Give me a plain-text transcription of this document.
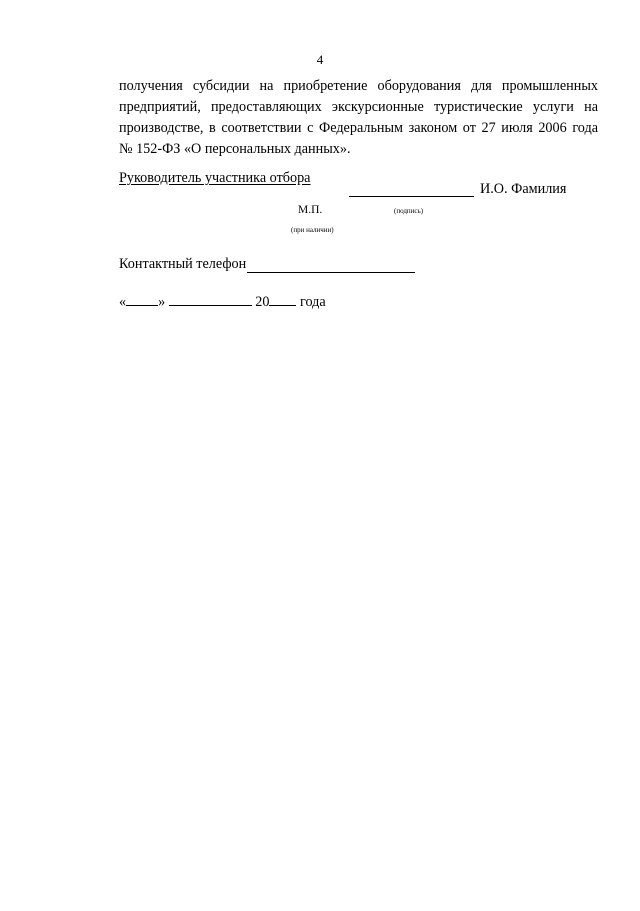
4
получения субсидии на приобретение оборудования для промышленных
предприятий, предоставляющих экскурсионные туристические услуги на
производстве, в соответствии с Федеральным законом от 27 июля 2006 года
№ 152-ФЗ «О персональных данных».
Руководитель участника отбора
И.О. Фамилия
М.П.	(подпись)
(при наличии)
Контактный телефон
« »	20 года
